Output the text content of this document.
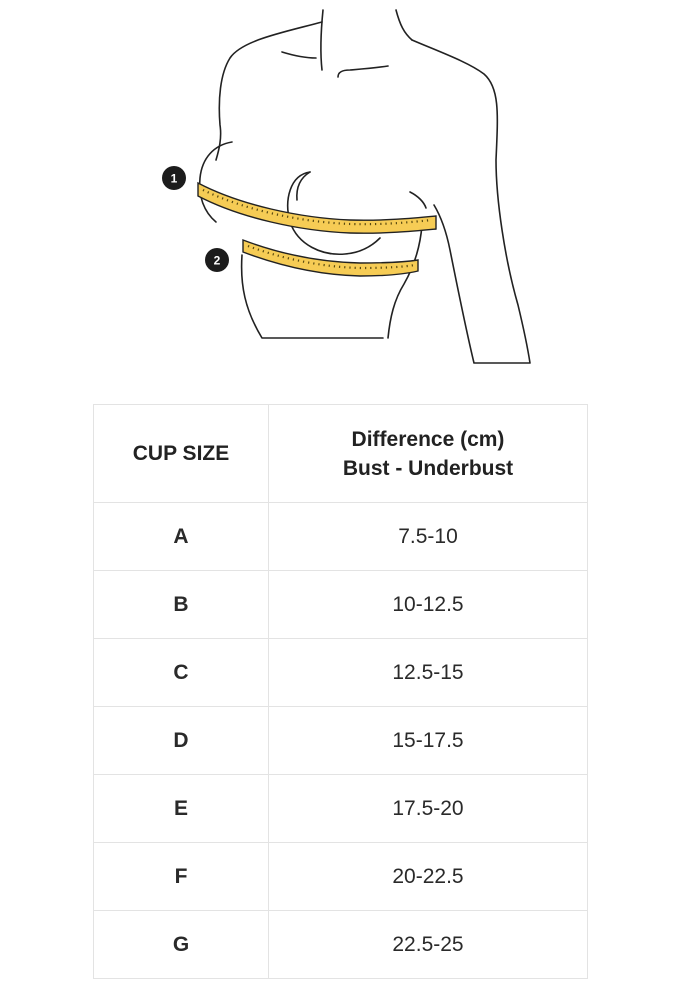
1
2
CUP SIZE	Difference (cm)
Bust - Underbust

A	7.5-10
B	10-12.5
C	12.5-15
D	15-17.5
E	17.5-20
F	20-22.5
G	22.5-25
